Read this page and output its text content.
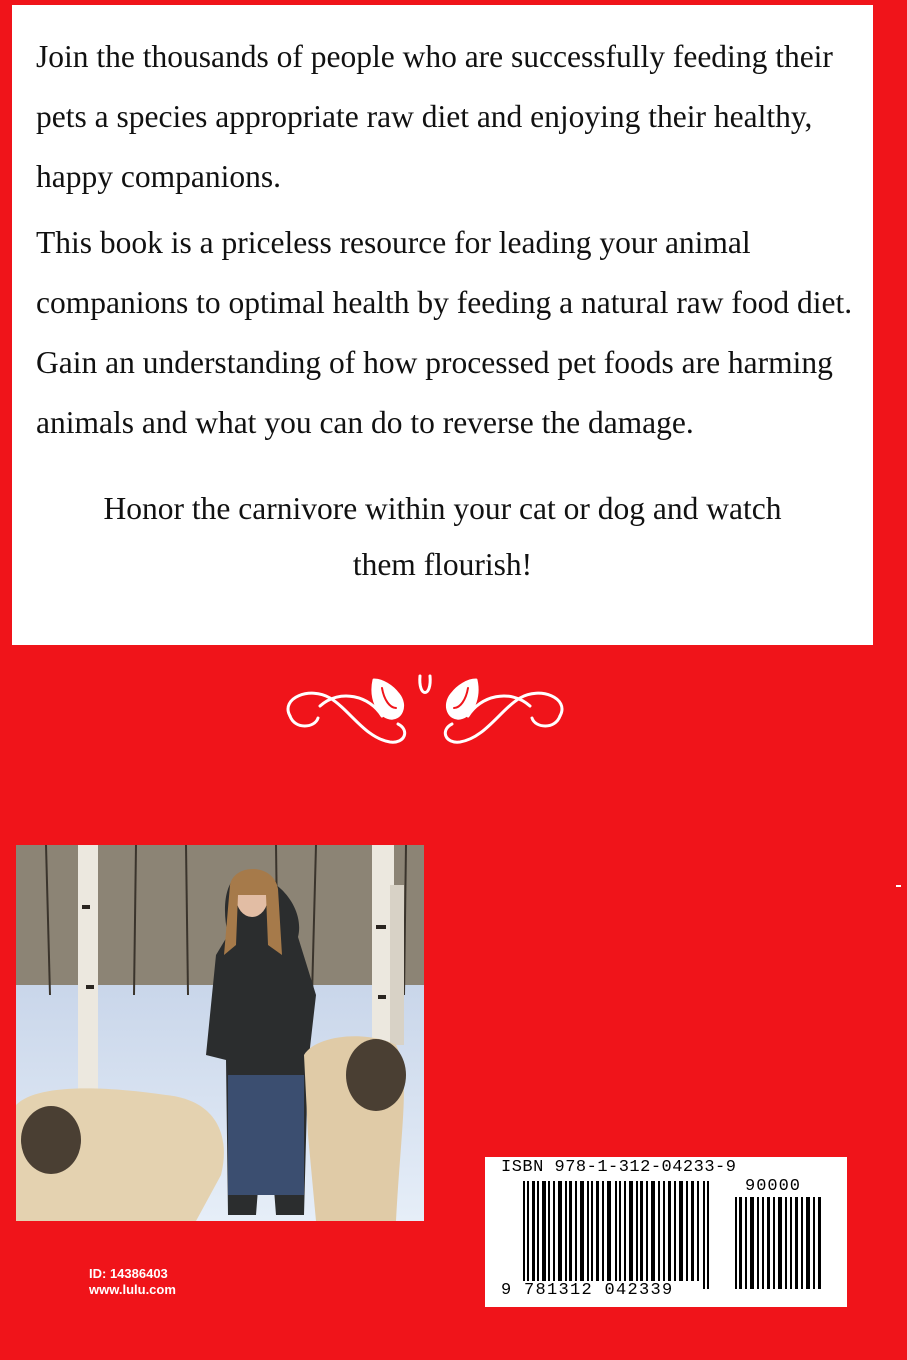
Join the thousands of people who are successfully feeding their pets a species appropriate raw diet and enjoying their healthy, happy companions.

This book is a priceless resource for leading your animal companions to optimal health by feeding a natural raw food diet. Gain an understanding of how processed pet foods are harming animals and what you can do to reverse the damage.

Honor the carnivore within your cat or dog and watch
them flourish!

ID: 14386403
www.lulu.com
ISBN 978-1-312-04233-9
90000
9 781312 042339
